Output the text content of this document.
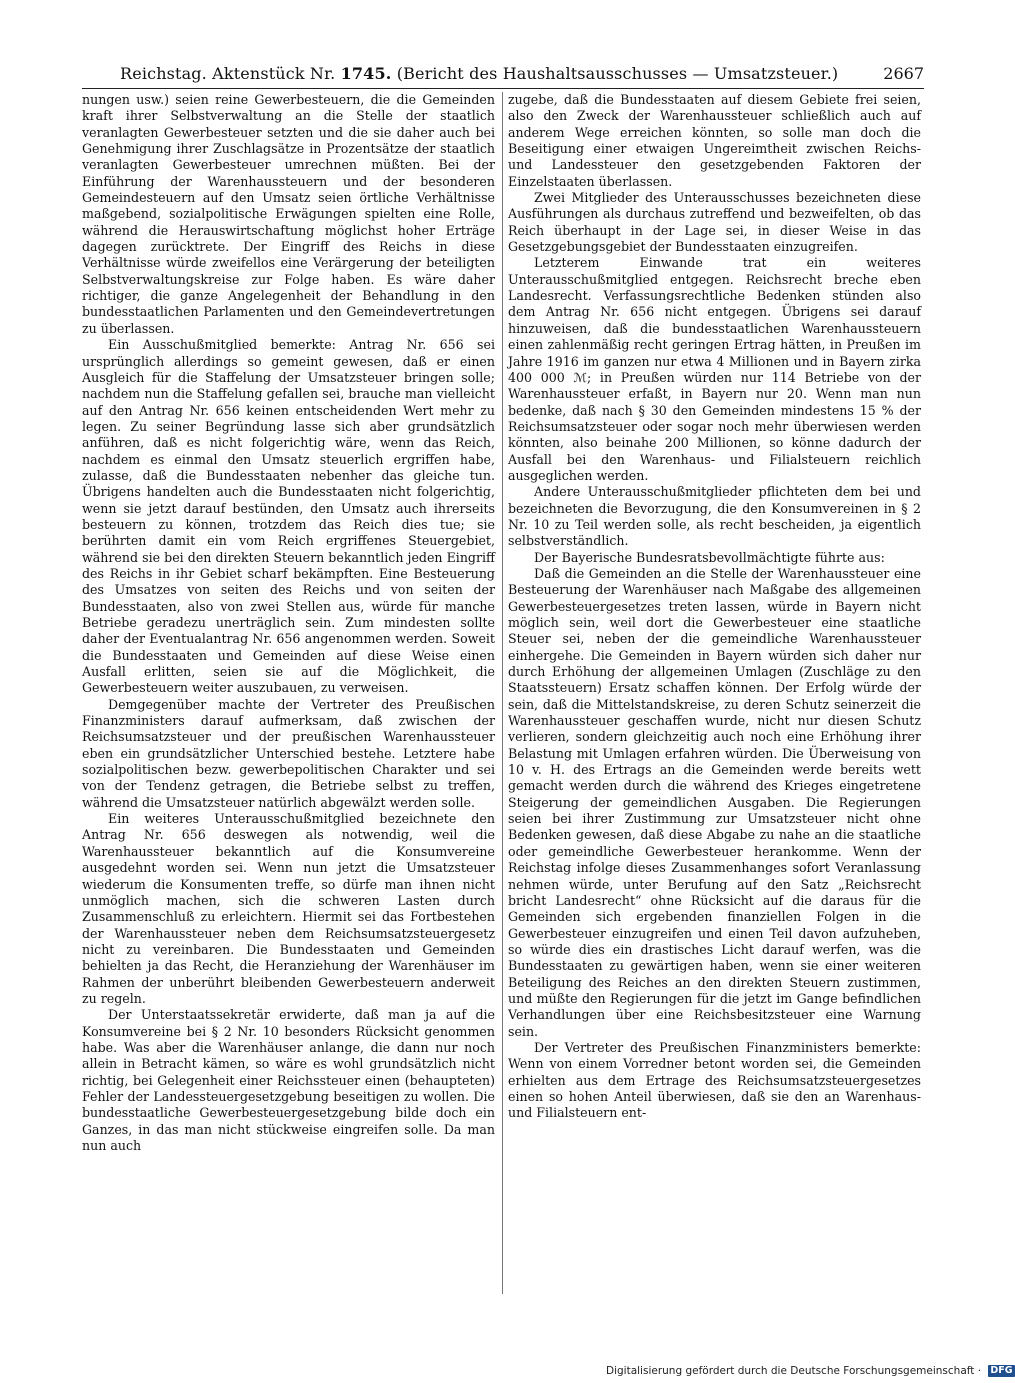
Reichstag. Aktenstück Nr. 1745. (Bericht des Haushaltsausschusses — Umsatzsteuer.)	2667

nungen usw.) seien reine Gewerbesteuern, die die Gemeinden kraft ihrer Selbstverwaltung an die Stelle der staatlich veranlagten Gewerbesteuer setzten und die sie daher auch bei Genehmigung ihrer Zuschlagsätze in Prozentsätze der staatlich veranlagten Gewerbesteuer umrechnen müßten. Bei der Einführung der Warenhaussteuern und der besonderen Gemeindesteuern auf den Umsatz seien örtliche Verhältnisse maßgebend, sozialpolitische Erwägungen spielten eine Rolle, während die Herauswirtschaftung möglichst hoher Erträge dagegen zurücktrete. Der Eingriff des Reichs in diese Verhältnisse würde zweifellos eine Verärgerung der beteiligten Selbstverwaltungskreise zur Folge haben. Es wäre daher richtiger, die ganze Angelegenheit der Behandlung in den bundesstaatlichen Parlamenten und den Gemeindevertretungen zu überlassen.

Ein Ausschußmitglied bemerkte: Antrag Nr. 656 sei ursprünglich allerdings so gemeint gewesen, daß er einen Ausgleich für die Staffelung der Umsatzsteuer bringen solle; nachdem nun die Staffelung gefallen sei, brauche man vielleicht auf den Antrag Nr. 656 keinen entscheidenden Wert mehr zu legen. Zu seiner Begründung lasse sich aber grundsätzlich anführen, daß es nicht folgerichtig wäre, wenn das Reich, nachdem es einmal den Umsatz steuerlich ergriffen habe, zulasse, daß die Bundesstaaten nebenher das gleiche tun. Übrigens handelten auch die Bundesstaaten nicht folgerichtig, wenn sie jetzt darauf bestünden, den Umsatz auch ihrerseits besteuern zu können, trotzdem das Reich dies tue; sie berührten damit ein vom Reich ergriffenes Steuergebiet, während sie bei den direkten Steuern bekanntlich jeden Eingriff des Reichs in ihr Gebiet scharf bekämpften. Eine Besteuerung des Umsatzes von seiten des Reichs und von seiten der Bundesstaaten, also von zwei Stellen aus, würde für manche Betriebe geradezu unerträglich sein. Zum mindesten sollte daher der Eventualantrag Nr. 656 angenommen werden. Soweit die Bundesstaaten und Gemeinden auf diese Weise einen Ausfall erlitten, seien sie auf die Möglichkeit, die Gewerbesteuern weiter auszubauen, zu verweisen.

Demgegenüber machte der Vertreter des Preußischen Finanzministers darauf aufmerksam, daß zwischen der Reichsumsatzsteuer und der preußischen Warenhaussteuer eben ein grundsätzlicher Unterschied bestehe. Letztere habe sozialpolitischen bezw. gewerbepolitischen Charakter und sei von der Tendenz getragen, die Betriebe selbst zu treffen, während die Umsatzsteuer natürlich abgewälzt werden solle.

Ein weiteres Unterausschußmitglied bezeichnete den Antrag Nr. 656 deswegen als notwendig, weil die Warenhaussteuer bekanntlich auf die Konsumvereine ausgedehnt worden sei. Wenn nun jetzt die Umsatzsteuer wiederum die Konsumenten treffe, so dürfe man ihnen nicht unmöglich machen, sich die schweren Lasten durch Zusammenschluß zu erleichtern. Hiermit sei das Fortbestehen der Warenhaussteuer neben dem Reichsumsatzsteuergesetz nicht zu vereinbaren. Die Bundesstaaten und Gemeinden behielten ja das Recht, die Heranziehung der Warenhäuser im Rahmen der unberührt bleibenden Gewerbesteuern anderweit zu regeln.

Der Unterstaatssekretär erwiderte, daß man ja auf die Konsumvereine bei § 2 Nr. 10 besonders Rücksicht genommen habe. Was aber die Warenhäuser anlange, die dann nur noch allein in Betracht kämen, so wäre es wohl grundsätzlich nicht richtig, bei Gelegenheit einer Reichssteuer einen (behaupteten) Fehler der Landessteuergesetzgebung beseitigen zu wollen. Die bundesstaatliche Gewerbesteuergesetzgebung bilde doch ein Ganzes, in das man nicht stückweise eingreifen solle. Da man nun auch

zugebe, daß die Bundesstaaten auf diesem Gebiete frei seien, also den Zweck der Warenhaussteuer schließlich auch auf anderem Wege erreichen könnten, so solle man doch die Beseitigung einer etwaigen Ungereimtheit zwischen Reichs- und Landessteuer den gesetzgebenden Faktoren der Einzelstaaten überlassen.

Zwei Mitglieder des Unterausschusses bezeichneten diese Ausführungen als durchaus zutreffend und bezweifelten, ob das Reich überhaupt in der Lage sei, in dieser Weise in das Gesetzgebungsgebiet der Bundesstaaten einzugreifen.

Letzterem Einwande trat ein weiteres Unterausschußmitglied entgegen. Reichsrecht breche eben Landesrecht. Verfassungsrechtliche Bedenken stünden also dem Antrag Nr. 656 nicht entgegen. Übrigens sei darauf hinzuweisen, daß die bundesstaatlichen Warenhaussteuern einen zahlenmäßig recht geringen Ertrag hätten, in Preußen im Jahre 1916 im ganzen nur etwa 4 Millionen und in Bayern zirka 400 000 ℳ; in Preußen würden nur 114 Betriebe von der Warenhaussteuer erfaßt, in Bayern nur 20. Wenn man nun bedenke, daß nach § 30 den Gemeinden mindestens 15 % der Reichsumsatzsteuer oder sogar noch mehr überwiesen werden könnten, also beinahe 200 Millionen, so könne dadurch der Ausfall bei den Warenhaus- und Filialsteuern reichlich ausgeglichen werden.

Andere Unterausschußmitglieder pflichteten dem bei und bezeichneten die Bevorzugung, die den Konsumvereinen in § 2 Nr. 10 zu Teil werden solle, als recht bescheiden, ja eigentlich selbstverständlich.

Der Bayerische Bundesratsbevollmächtigte führte aus:

Daß die Gemeinden an die Stelle der Warenhaussteuer eine Besteuerung der Warenhäuser nach Maßgabe des allgemeinen Gewerbesteuergesetzes treten lassen, würde in Bayern nicht möglich sein, weil dort die Gewerbesteuer eine staatliche Steuer sei, neben der die gemeindliche Warenhaussteuer einhergehe. Die Gemeinden in Bayern würden sich daher nur durch Erhöhung der allgemeinen Umlagen (Zuschläge zu den Staatssteuern) Ersatz schaffen können. Der Erfolg würde der sein, daß die Mittelstandskreise, zu deren Schutz seinerzeit die Warenhaussteuer geschaffen wurde, nicht nur diesen Schutz verlieren, sondern gleichzeitig auch noch eine Erhöhung ihrer Belastung mit Umlagen erfahren würden. Die Überweisung von 10 v. H. des Ertrags an die Gemeinden werde bereits wett gemacht werden durch die während des Krieges eingetretene Steigerung der gemeindlichen Ausgaben. Die Regierungen seien bei ihrer Zustimmung zur Umsatzsteuer nicht ohne Bedenken gewesen, daß diese Abgabe zu nahe an die staatliche oder gemeindliche Gewerbesteuer herankomme. Wenn der Reichstag infolge dieses Zusammenhanges sofort Veranlassung nehmen würde, unter Berufung auf den Satz „Reichsrecht bricht Landesrecht“ ohne Rücksicht auf die daraus für die Gemeinden sich ergebenden finanziellen Folgen in die Gewerbesteuer einzugreifen und einen Teil davon aufzuheben, so würde dies ein drastisches Licht darauf werfen, was die Bundesstaaten zu gewärtigen haben, wenn sie einer weiteren Beteiligung des Reiches an den direkten Steuern zustimmen, und müßte den Regierungen für die jetzt im Gange befindlichen Verhandlungen über eine Reichsbesitzsteuer eine Warnung sein.

Der Vertreter des Preußischen Finanzministers bemerkte: Wenn von einem Vorredner betont worden sei, die Gemeinden erhielten aus dem Ertrage des Reichsumsatzsteuergesetzes einen so hohen Anteil überwiesen, daß sie den an Warenhaus- und Filialsteuern ent-

Digitalisierung gefördert durch die Deutsche Forschungsgemeinschaft · DFG
